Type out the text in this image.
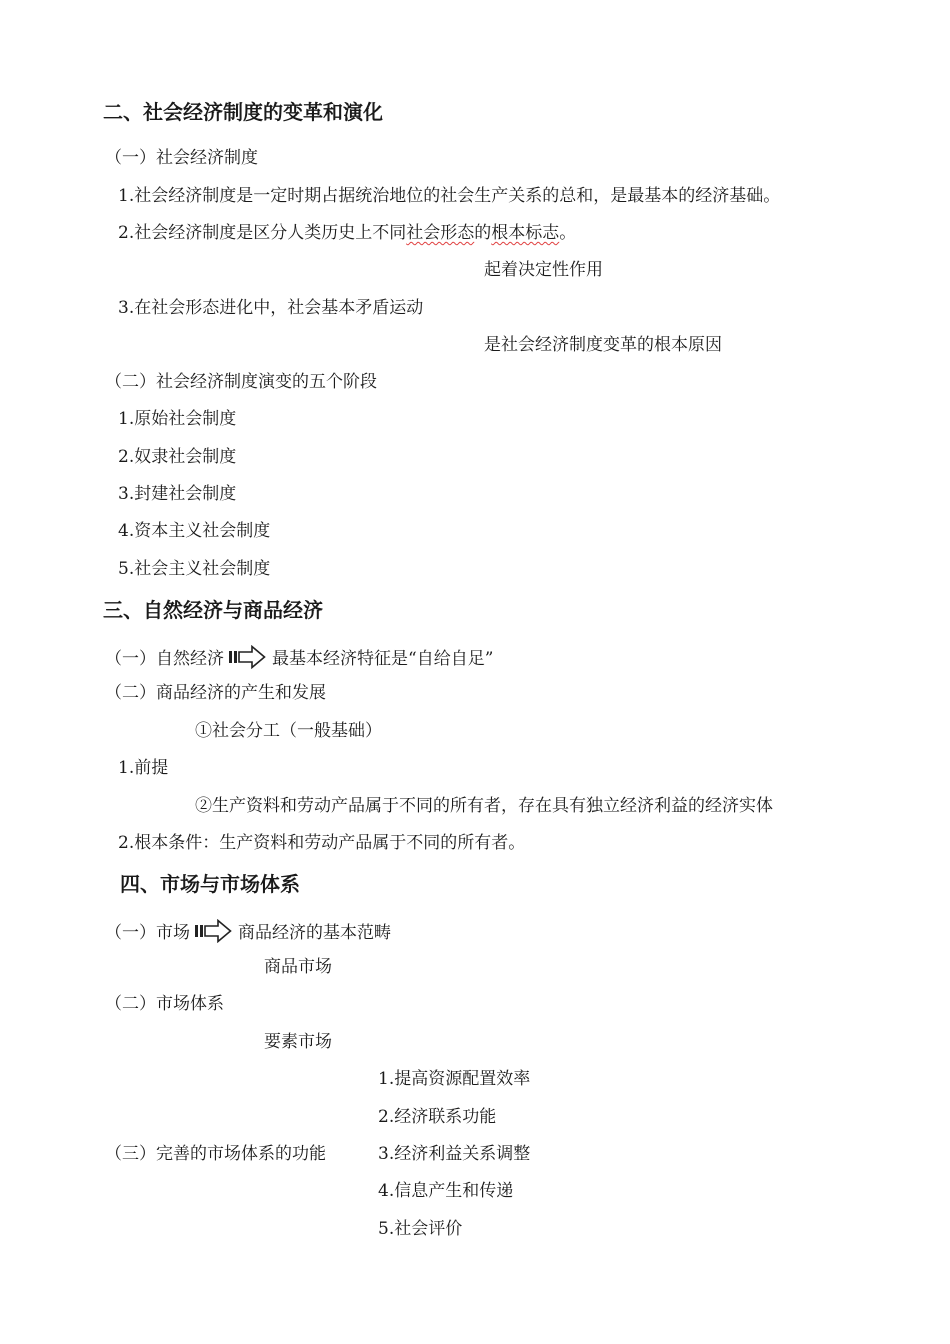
二、社会经济制度的变革和演化
（一）社会经济制度
1.社会经济制度是一定时期占据统治地位的社会生产关系的总和，是最基本的经济基础。
2.社会经济制度是区分人类历史上不同社会形态的根本标志。
起着决定性作用
3.在社会形态进化中，社会基本矛盾运动
是社会经济制度变革的根本原因
（二）社会经济制度演变的五个阶段
1.原始社会制度
2.奴隶社会制度
3.封建社会制度
4.资本主义社会制度
5.社会主义社会制度
三、自然经济与商品经济
（一）自然经济	最基本经济特征是“自给自足”
（二）商品经济的产生和发展
①社会分工（一般基础）
1.前提
②生产资料和劳动产品属于不同的所有者，存在具有独立经济利益的经济实体
2.根本条件：生产资料和劳动产品属于不同的所有者。
四、市场与市场体系
（一）市场	商品经济的基本范畴
商品市场
（二）市场体系
要素市场
1.提高资源配置效率
2.经济联系功能
（三）完善的市场体系的功能	3.经济利益关系调整
4.信息产生和传递
5.社会评价
